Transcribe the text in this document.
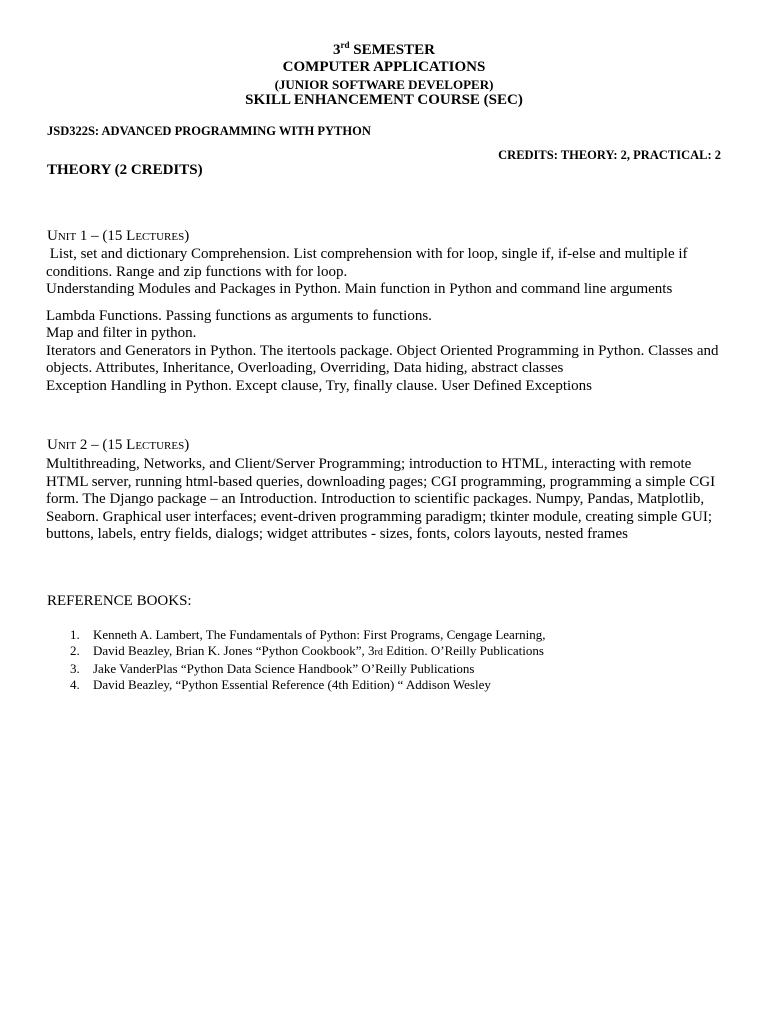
3rd SEMESTER
COMPUTER APPLICATIONS
(JUNIOR SOFTWARE DEVELOPER)
SKILL ENHANCEMENT COURSE (SEC)
JSD322S: ADVANCED PROGRAMMING WITH PYTHON
CREDITS: THEORY: 2, PRACTICAL: 2
THEORY (2 CREDITS)
Unit 1 – (15 Lectures)

List, set and dictionary Comprehension. List comprehension with for loop, single if, if-else and multiple if conditions. Range and zip functions with for loop.

Understanding Modules and Packages in Python. Main function in Python and command line arguments

Lambda Functions. Passing functions as arguments to functions.

Map and filter in python.

Iterators and Generators in Python. The itertools package. Object Oriented Programming in Python. Classes and objects. Attributes, Inheritance, Overloading, Overriding, Data hiding, abstract classes

Exception Handling in Python. Except clause, Try, finally clause. User Defined Exceptions

Unit 2 – (15 Lectures)

Multithreading, Networks, and Client/Server Programming; introduction to HTML, interacting with remote HTML server, running html-based queries, downloading pages; CGI programming, programming a simple CGI form. The Django package – an Introduction. Introduction to scientific packages. Numpy, Pandas, Matplotlib, Seaborn. Graphical user interfaces; event-driven programming paradigm; tkinter module, creating simple GUI; buttons, labels, entry fields, dialogs; widget attributes - sizes, fonts, colors layouts, nested frames

REFERENCE BOOKS:
1.	Kenneth A. Lambert, The Fundamentals of Python: First Programs, Cengage Learning,
2.	David Beazley, Brian K. Jones “Python Cookbook”, 3rd Edition. O’Reilly Publications
3.	Jake VanderPlas “Python Data Science Handbook” O’Reilly Publications
4.	David Beazley, “Python Essential Reference (4th Edition) “ Addison Wesley
